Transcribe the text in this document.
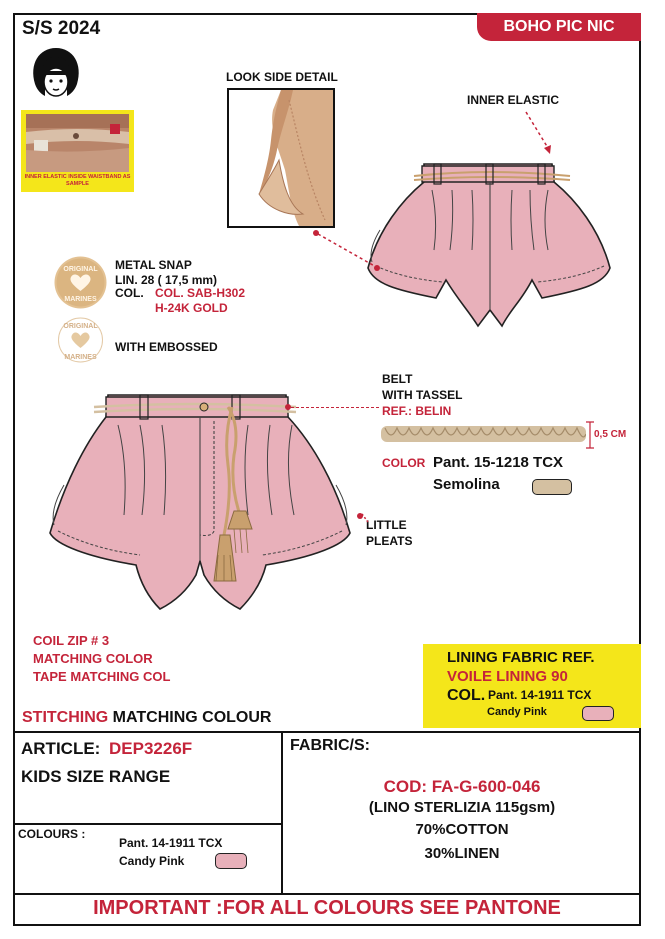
S/S 2024	BOHO PIC NIC
INNER ELASTIC INSIDE WAISTBAND AS SAMPLE
LOOK SIDE DETAIL
INNER ELASTIC
ORIGINAL
MARINES
METAL SNAP
LIN. 28 ( 17,5 mm)
COL. COL. SAB-H302
H-24K GOLD
ORIGINAL
MARINES
WITH EMBOSSED
BELT
WITH TASSEL
REF.: BELIN
0,5 CM
COLOR Pant. 15-1218 TCX
Semolina
LITTLE
PLEATS
COIL ZIP # 3
MATCHING COLOR
TAPE MATCHING COL
LINING FABRIC REF.
VOILE LINING 90
COL. Pant. 14-1911 TCX
Candy Pink
STITCHING MATCHING COLOUR
ARTICLE: DEP3226F
KIDS SIZE RANGE
COLOURS :
Pant. 14-1911 TCX
Candy Pink
FABRIC/S:
COD: FA-G-600-046
(LINO STERLIZIA 115gsm)
70%COTTON
30%LINEN
IMPORTANT :FOR ALL COLOURS SEE PANTONE
